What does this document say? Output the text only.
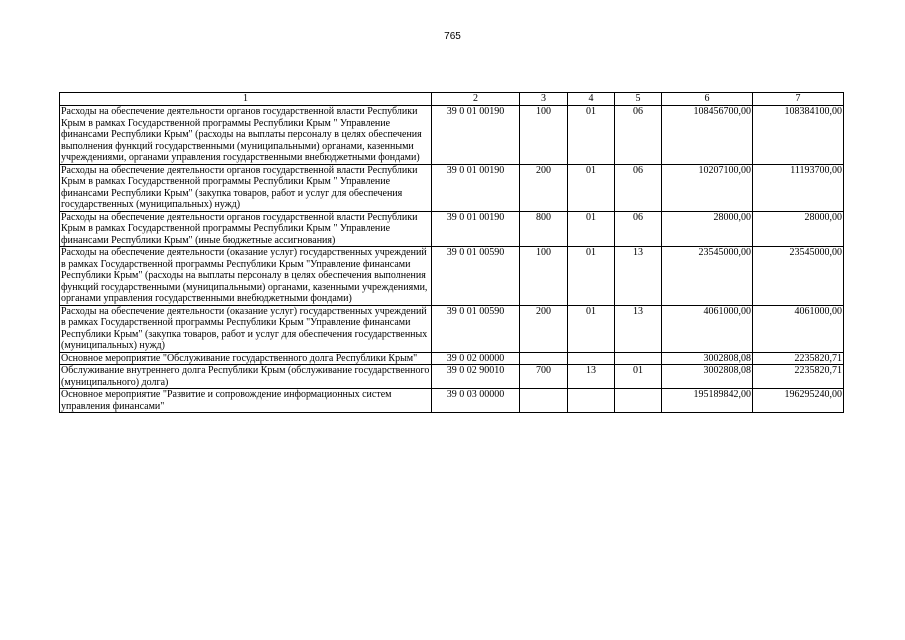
765
1	2	3	4	5	6	7
Расходы на обеспечение деятельности органов государственной власти Республики Крым в рамках Государственной программы Республики Крым " Управление финансами Республики Крым" (расходы на выплаты персоналу в целях обеспечения выполнения функций государственными (муниципальными) органами, казенными учреждениями, органами управления государственными внебюджетными фондами)	39 0 01 00190	100	01	06	108456700,00	108384100,00
Расходы на обеспечение деятельности органов государственной власти Республики Крым в рамках Государственной программы Республики Крым " Управление финансами Республики Крым" (закупка товаров, работ и услуг для обеспечения государственных (муниципальных) нужд)	39 0 01 00190	200	01	06	10207100,00	11193700,00
Расходы на обеспечение деятельности органов государственной власти Республики Крым в рамках Государственной программы Республики Крым " Управление финансами Республики Крым" (иные бюджетные ассигнования)	39 0 01 00190	800	01	06	28000,00	28000,00
Расходы на обеспечение деятельности (оказание услуг) государственных учреждений в рамках Государственной программы Республики Крым "Управление финансами Республики Крым" (расходы на выплаты персоналу в целях обеспечения выполнения функций государственными (муниципальными) органами, казенными учреждениями, органами управления государственными внебюджетными фондами)	39 0 01 00590	100	01	13	23545000,00	23545000,00
Расходы на обеспечение деятельности (оказание услуг) государственных учреждений в рамках Государственной программы Республики Крым "Управление финансами Республики Крым" (закупка товаров, работ и услуг для обеспечения государственных (муниципальных) нужд)	39 0 01 00590	200	01	13	4061000,00	4061000,00
Основное мероприятие "Обслуживание государственного долга Республики Крым"	39 0 02 00000				3002808,08	2235820,71
Обслуживание внутреннего долга Республики Крым (обслуживание государственного (муниципального) долга)	39 0 02 90010	700	13	01	3002808,08	2235820,71
Основное мероприятие "Развитие и сопровождение информационных систем управления финансами"	39 0 03 00000				195189842,00	196295240,00
